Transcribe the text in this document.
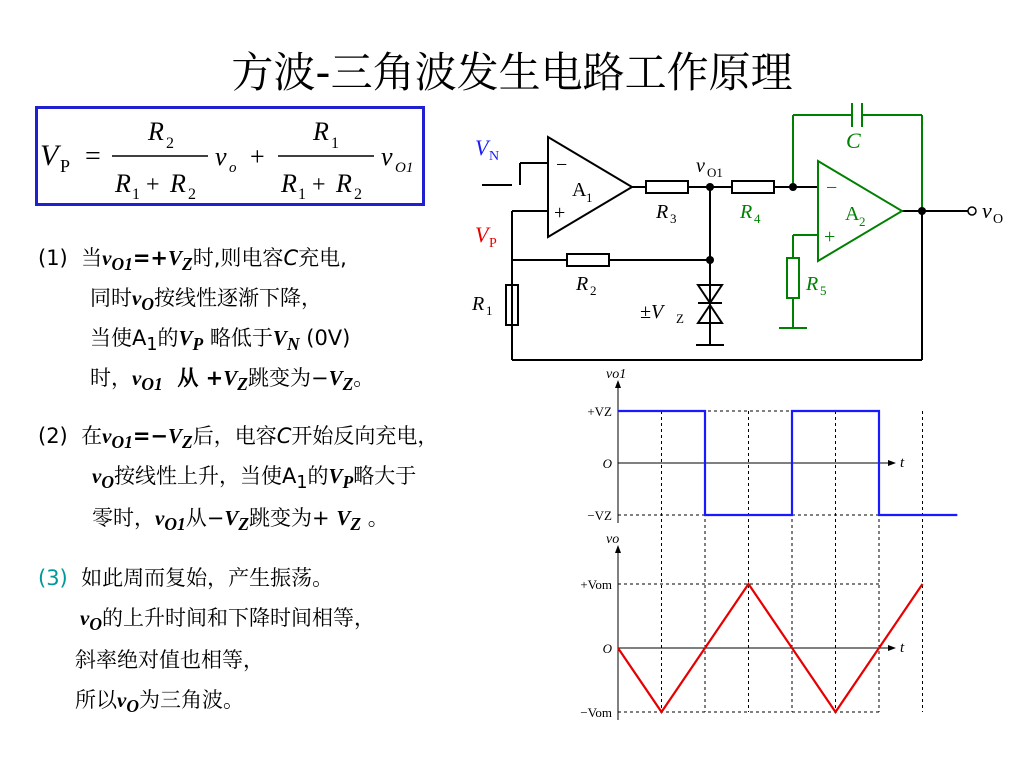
方波-三角波发生电路工作原理
V P =
R 2
R 1 + R 2
v o +
R 1
R 1 + R 2
v O1
(1) 当$v_{O1}=+V_Z$时,则电容C充电,
同时$v_O$按线性逐渐下降，
当使$A_1$的$V_P$ 略低于$V_N$ (0V)
时，$v_{O1}$  从 $+V_Z$跳变为$-V_Z$。
(2) 在$v_{O1}=-V_Z$后，电容C开始反向充电，
$v_O$按线性上升，当使$A_1$的$V_P$略大于
零时，$v_{O1}$从$-V_Z$跳变为+ $V_Z$ 。
(3) 如此周而复始，产生振荡。
$v_O$的上升时间和下降时间相等，
斜率绝对值也相等，
所以$v_O$为三角波。
V N
V P
−
+
A 1
R 3
v O1
R 4
C
−
+
A 2	v O
R 2
R 1
R 5
±V Z
vo1
t
+VZ
O
−VZ
vo
t
+Vom
O
−Vom
